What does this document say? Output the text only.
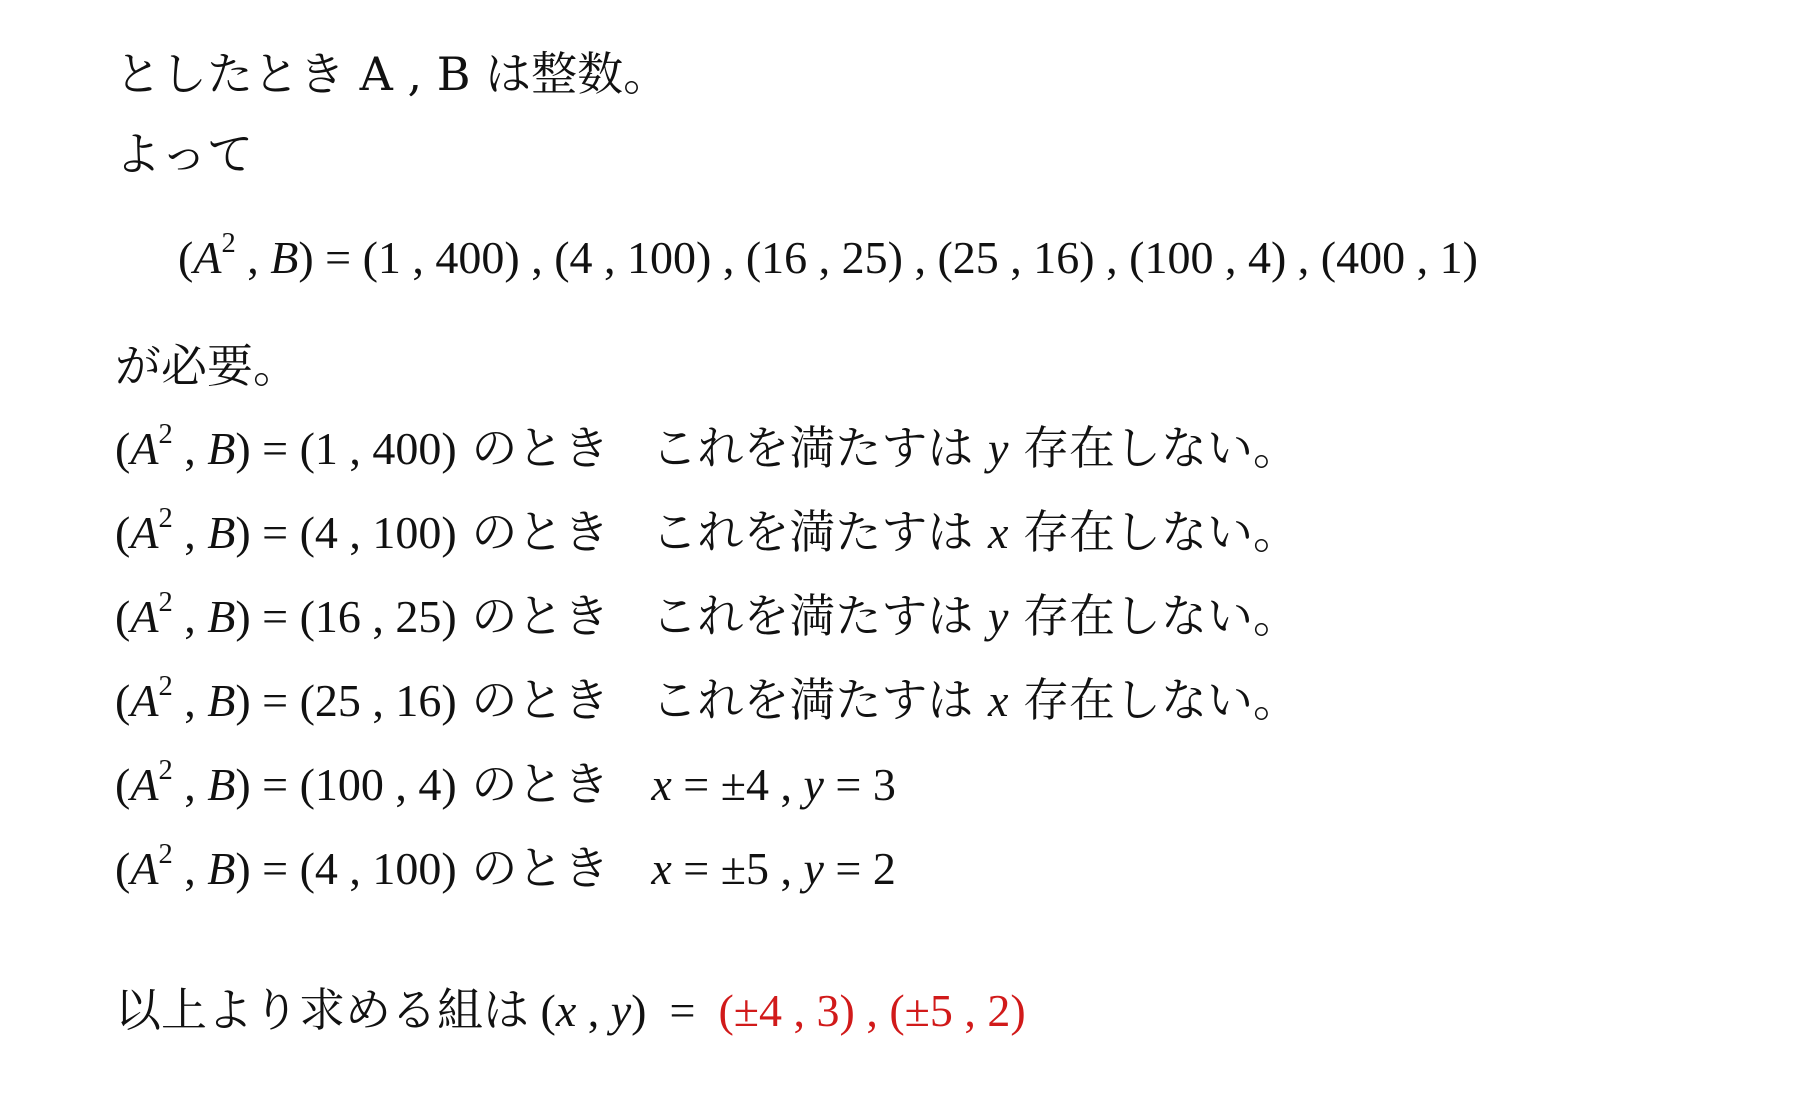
としたとき A , B は整数。
よって
($A^2$ , B) = (1 , 400) , (4 , 100) , (16 , 25) , (25 , 16) , (100 , 4) , (400 , 1)
が必要。
($A^2$ , B) = (1 , 400) のとき これを満たすは y 存在しない。
($A^2$ , B) = (4 , 100) のとき これを満たすは x 存在しない。
($A^2$ , B) = (16 , 25) のとき これを満たすは y 存在しない。
($A^2$ , B) = (25 , 16) のとき これを満たすは x 存在しない。
($A^2$ , B) = (100 , 4) のとき x = ±4 , y = 3
($A^2$ , B) = (4 , 100) のとき x = ±5 , y = 2
以上より求める組は (x , y)  = (±4 , 3) , (±5 , 2)
